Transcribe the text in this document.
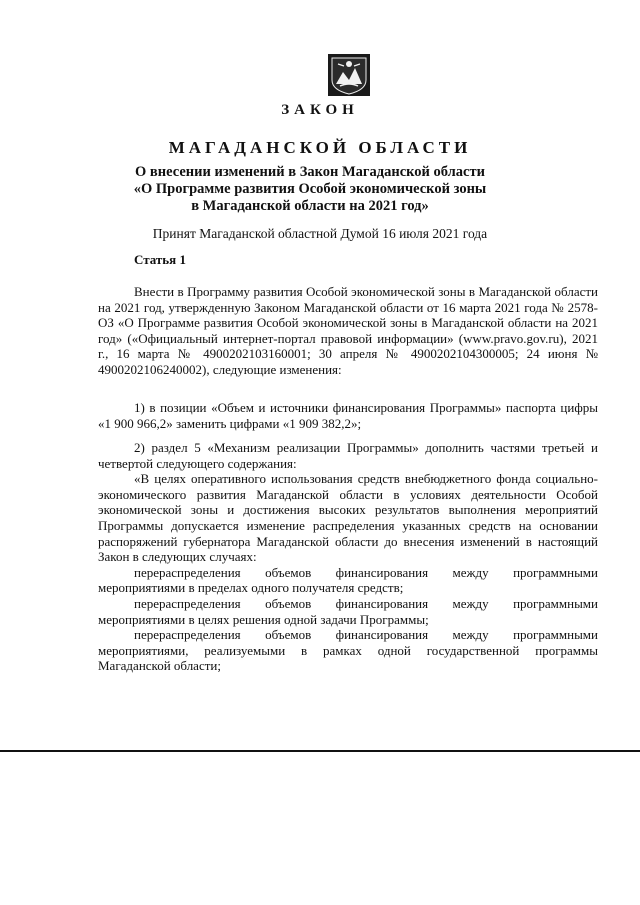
ЗАКОН
МАГАДАНСКОЙ ОБЛАСТИ
О внесении изменений в Закон Магаданской области
«О Программе развития Особой экономической зоны
в Магаданской области на 2021 год»
Принят Магаданской областной Думой 16 июля 2021 года
Статья 1
Внести в Программу развития Особой экономической зоны в Магаданской области на 2021 год, утвержденную Законом Магаданской области от 16 марта 2021 года № 2578-ОЗ «О Программе развития Особой экономической зоны в Магаданской области на 2021 год» («Официальный интернет-портал правовой информации» (www.pravo.gov.ru), 2021 г., 16 марта № 4900202103160001; 30 апреля № 4900202104300005; 24 июня № 4900202106240002), следующие изменения:
1) в позиции «Объем и источники финансирования Программы» паспорта цифры «1 900 966,2» заменить цифрами «1 909 382,2»;
2) раздел 5 «Механизм реализации Программы» дополнить частями третьей и четвертой следующего содержания:
«В целях оперативного использования средств внебюджетного фонда социально-экономического развития Магаданской области в условиях деятельности Особой экономической зоны и достижения высоких результатов выполнения мероприятий Программы допускается изменение распределения указанных средств на основании распоряжений губернатора Магаданской области до внесения изменений в настоящий Закон в следующих случаях:
перераспределения объемов финансирования между программными мероприятиями в пределах одного получателя средств;
перераспределения объемов финансирования между программными мероприятиями в целях решения одной задачи Программы;
перераспределения объемов финансирования между программными мероприятиями, реализуемыми в рамках одной государственной программы Магаданской области;
